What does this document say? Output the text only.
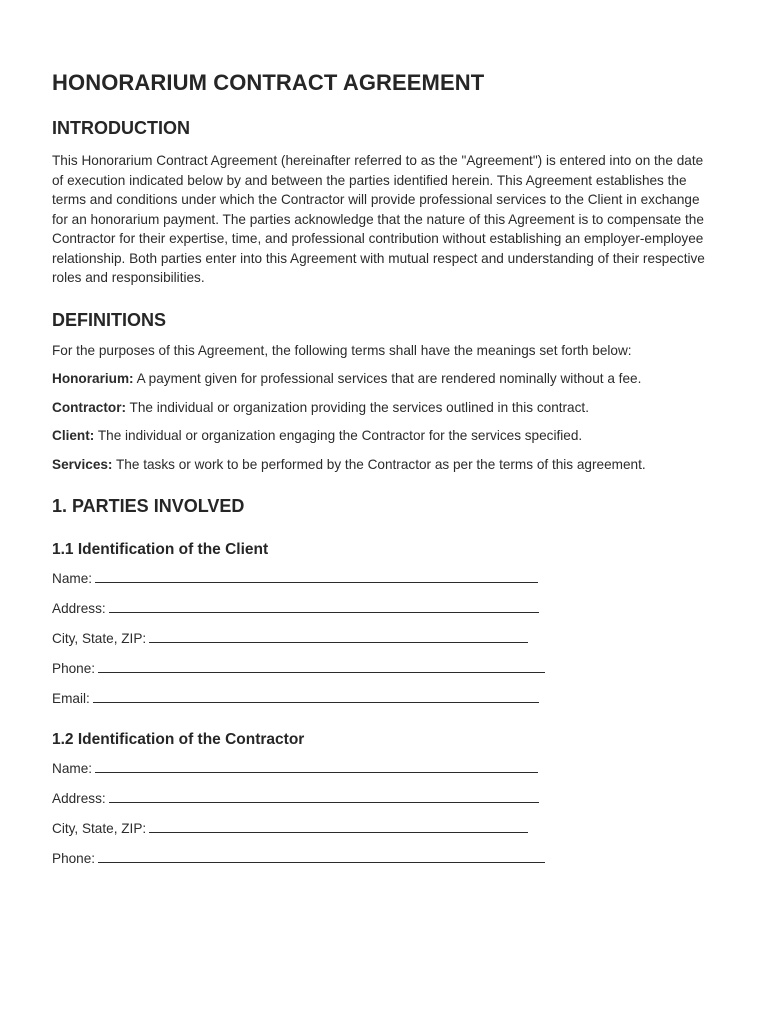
HONORARIUM CONTRACT AGREEMENT
INTRODUCTION

This Honorarium Contract Agreement (hereinafter referred to as the "Agreement") is entered into on the date of execution indicated below by and between the parties identified herein. This Agreement establishes the terms and conditions under which the Contractor will provide professional services to the Client in exchange for an honorarium payment. The parties acknowledge that the nature of this Agreement is to compensate the Contractor for their expertise, time, and professional contribution without establishing an employer-employee relationship. Both parties enter into this Agreement with mutual respect and understanding of their respective roles and responsibilities.

DEFINITIONS

For the purposes of this Agreement, the following terms shall have the meanings set forth below:

Honorarium: A payment given for professional services that are rendered nominally without a fee.

Contractor: The individual or organization providing the services outlined in this contract.

Client: The individual or organization engaging the Contractor for the services specified.

Services: The tasks or work to be performed by the Contractor as per the terms of this agreement.

1. PARTIES INVOLVED
1.1 Identification of the Client
Name:
Address:
City, State, ZIP:
Phone:
Email:
1.2 Identification of the Contractor
Name:
Address:
City, State, ZIP:
Phone:
